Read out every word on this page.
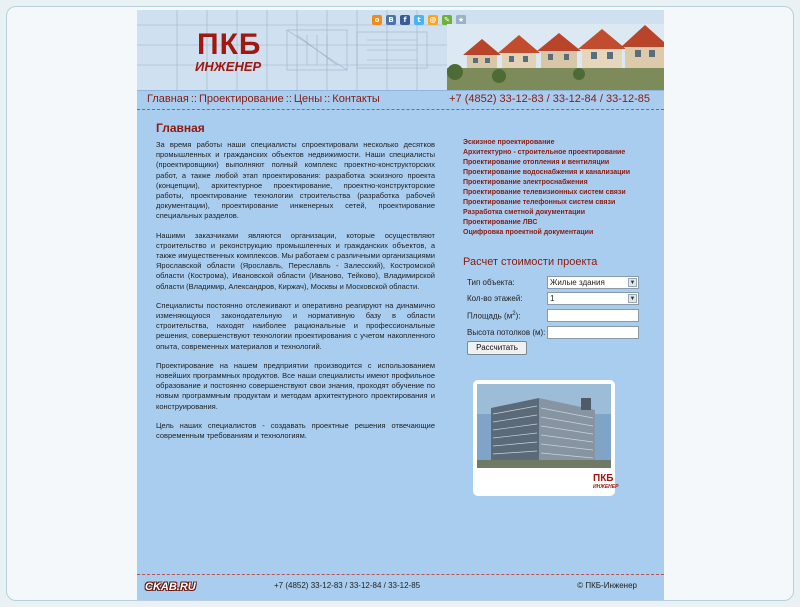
ПКБ
ИНЖЕНЕР
o	B	f	t	@ ✎ ★
Главная :: Проектирование :: Цены :: Контакты	+7 (4852) 33-12-83 / 33-12-84 / 33-12-85
Главная

За время работы наши специалисты спроектировали несколько десятков промышленных и гражданских объектов недвижимости. Наши специалисты (проектировщики) выполняют полный комплекс проектно-конструкторских работ, а также любой этап проектирования: разработка эскизного проекта (концепции), архитектурное проектирование, проектно-конструкторские работы, проектирование технологии строительства (разработка рабочей документации), проектирование инженерных сетей, проектирование специальных разделов.

Нашими заказчиками являются организации, которые осуществляют строительство и реконструкцию промышленных и гражданских объектов, а также имущественных комплексов. Мы работаем с различными организациями Ярославской области (Ярославль, Переславль - Залесский), Костромской области (Кострома), Ивановской области (Иваново, Тейково), Владимирской области (Владимир, Александров, Киржач), Москвы и Московской области.

Специалисты постоянно отслеживают и оперативно реагируют на динамично изменяющуюся законодательную и нормативную базу в области строительства, находят наиболее рациональные и профессиональные решения, совершенствуют технологии проектирования с учетом накопленного опыта, современных материалов и технологий.

Проектирование на нашем предприятии производится с использованием новейших программных продуктов. Все наши специалисты имеют профильное образование и постоянно совершенствуют свои знания, проходят обучение по новым программным продуктам и методам архитектурного проектирования и конструирования.

Цель наших специалистов - создавать проектные решения отвечающие современным требованиям и технологиям.

Эскизное проектирование
Архитектурно - строительное проектирование
Проектирование отопления и вентиляции
Проектирование водоснабжения и канализации
Проектирование электроснабжения
Проектирование телевизионных систем связи
Проектирование телефонных систем связи
Разработка сметной документации
Проектирование ЛВС
Оцифровка проектной документации
Расчет стоимости проекта
Тип объекта:	Жилые здания	▼
Кол-во этажей:	1	▼
Площадь $(м^2)$:
Высота потолков (м):
Рассчитать
ПКБ
ИНЖЕНЕР
CKAB.RU	+7 (4852) 33-12-83 / 33-12-84 / 33-12-85	© ПКБ-Инженер
